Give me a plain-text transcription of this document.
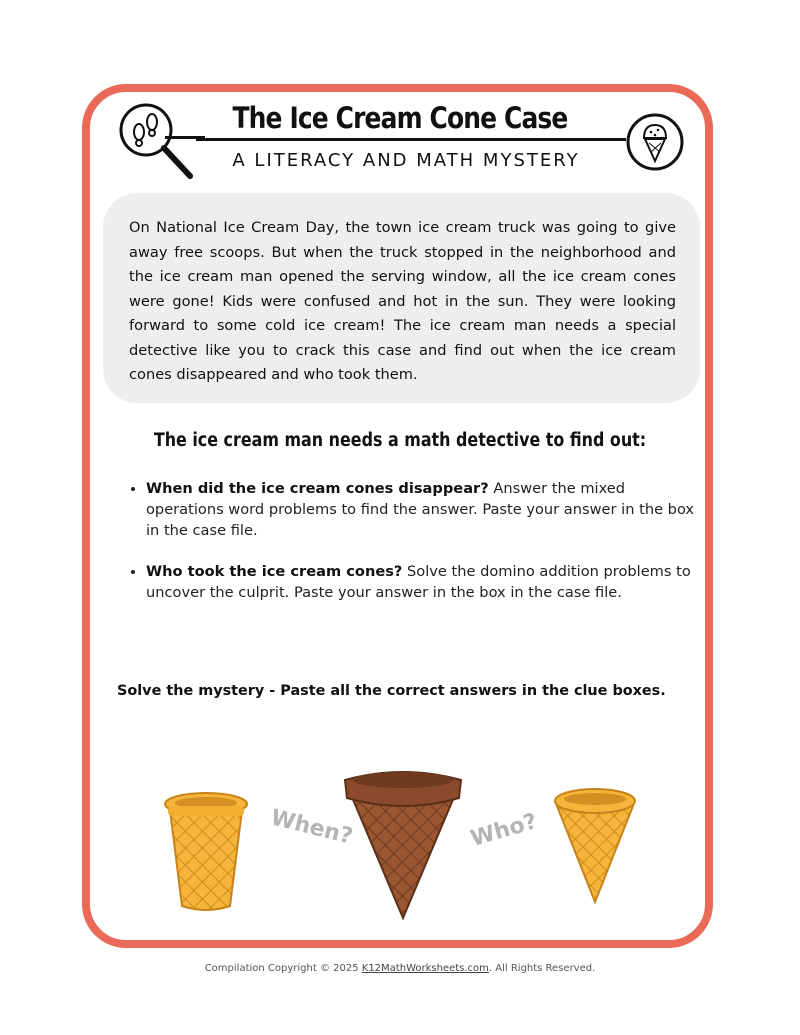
The Ice Cream Cone Case
A LITERACY AND MATH MYSTERY
On National Ice Cream Day, the town ice cream truck was going to give away free scoops. But when the truck stopped in the neighborhood and the ice cream man opened the serving window, all the ice cream cones were gone! Kids were confused and hot in the sun. They were looking forward to some cold ice cream! The ice cream man needs a special detective like you to crack this case and find out when the ice cream cones disappeared and who took them.
The ice cream man needs a math detective to find out:
• When did the ice cream cones disappear? Answer the mixed operations word problems to find the answer. Paste your answer in the box in the case file.
• Who took the ice cream cones? Solve the domino addition problems to uncover the culprit. Paste your answer in the box in the case file.
Solve the mystery - Paste all the correct answers in the clue boxes.
When?	Who?
Compilation Copyright © 2025 K12MathWorksheets.com. All Rights Reserved.
